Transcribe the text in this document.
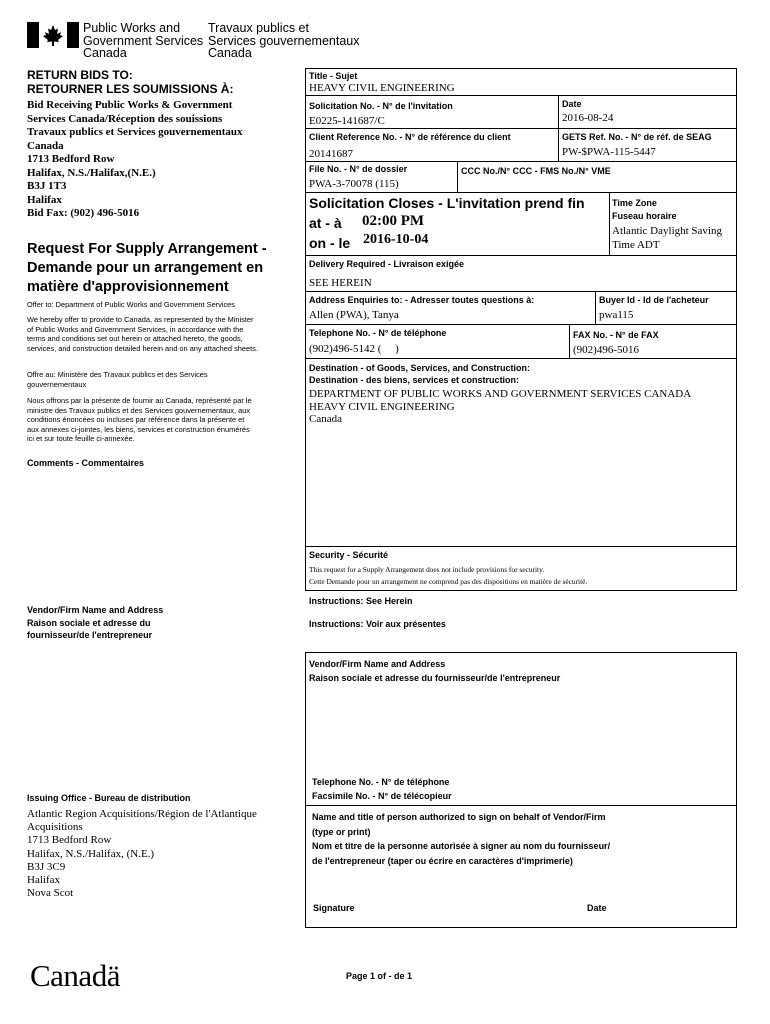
Public Works and
Government Services
Canada
Travaux publics et
Services gouvernementaux
Canada
RETURN BIDS TO:
RETOURNER LES SOUMISSIONS À:
Bid Receiving Public Works & Government
Services Canada/Réception des souissions
Travaux publics et Services gouvernementaux
Canada
1713 Bedford Row
Halifax, N.S./Halifax,(N.E.)
B3J 1T3
Halifax
Bid Fax: (902) 496-5016
Request For Supply Arrangement -
Demande pour un arrangement en
matière d'approvisionnement
Offer to: Department of Public Works and Government Services
We hereby offer to provide to Canada, as represented by the Minister
of Public Works and Government Services, in accordance with the
terms and conditions set out herein or attached hereto, the goods,
services, and construction detailed herein and on any attached sheets.
Offre au: Ministère des Travaux publics et des Services
gouvernementaux
Nous offrons par la présente de fournir au Canada, représenté par le
ministre des Travaux publics et des Services gouvernementaux, aux
conditions énoncées ou incluses par référence dans la présente et
aux annexes ci-jointes, les biens, services et construction énumérés
ici et sur toute feuille ci-annexée.
Comments - Commentaires
Vendor/Firm Name and Address
Raison sociale et adresse du
fournisseur/de l'entrepreneur
Issuing Office - Bureau de distribution
Atlantic Region Acquisitions/Région de l'Atlantique
Acquisitions
1713 Bedford Row
Halifax, N.S./Halifax, (N.E.)
B3J 3C9
Halifax
Nova Scot
Title - Sujet
HEAVY CIVIL ENGINEERING
Solicitation No. - N° de l'invitation
E0225-141687/C
Date
2016-08-24
Client Reference No. - N° de référence du client
20141687
GETS Ref. No. - N° de réf. de SEAG
PW-$PWA-115-5447
File No. - N° de dossier
PWA-3-70078 (115)
CCC No./N° CCC - FMS No./N° VME
Solicitation Closes - L'invitation prend fin
at - à 02:00 PM
on - le 2016-10-04
Time Zone
Fuseau horaire
Atlantic Daylight Saving
Time ADT
Delivery Required - Livraison exigée
SEE HEREIN
Address Enquiries to: - Adresser toutes questions à:
Allen (PWA), Tanya
Buyer Id - Id de l'acheteur
pwa115
Telephone No. - N° de téléphone
(902)496-5142 (     )
FAX No. - N° de FAX
(902)496-5016
Destination - of Goods, Services, and Construction:
Destination - des biens, services et construction:
DEPARTMENT OF PUBLIC WORKS AND GOVERNMENT SERVICES CANADA
HEAVY CIVIL ENGINEERING
Canada
Security - Sécurité
This request for a Supply Arrangement does not include provisions for security.
Cette Demande pour un arrangement ne comprend pas des dispositions en matière de sécurité.
Instructions: See Herein
Instructions: Voir aux présentes
Vendor/Firm Name and Address
Raison sociale et adresse du fournisseur/de l'entrepreneur
Telephone No. - N° de téléphone
Facsimile No. - N° de télécopieur
Name and title of person authorized to sign on behalf of Vendor/Firm
(type or print)
Nom et titre de la personne autorisée à signer au nom du fournisseur/
de l'entrepreneur (taper ou écrire en caractères d'imprimerie)
Signature	Date
Canadä	Page 1 of - de 1
